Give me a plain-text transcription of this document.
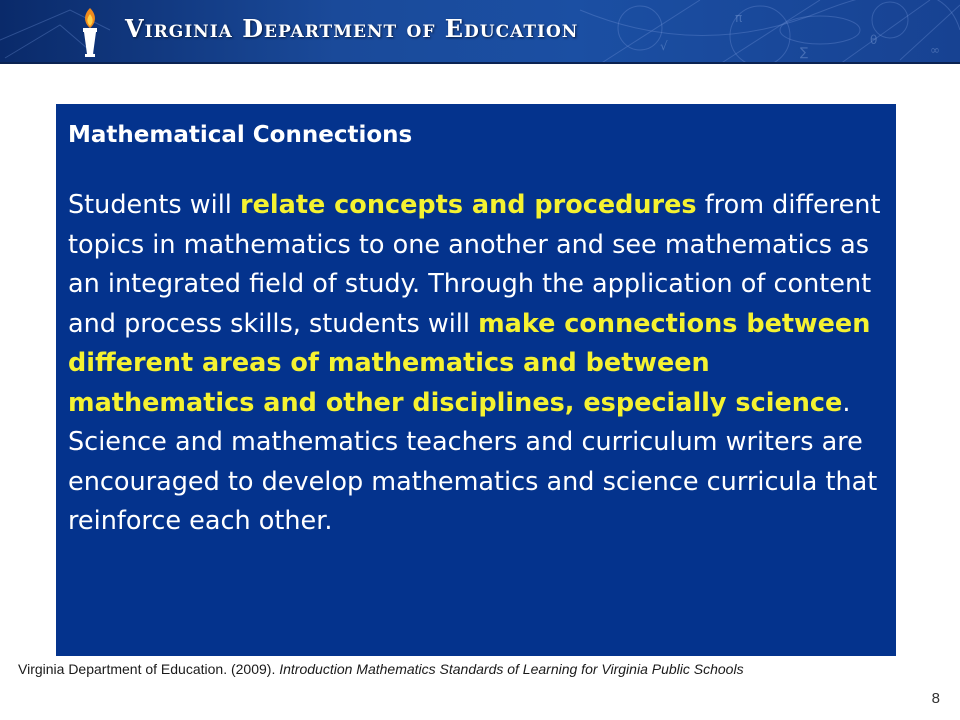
√
π
∑
θ
∞
Virginia Department of Education
Mathematical Connections
Students will relate concepts and procedures from different topics in mathematics to one another and see mathematics as an integrated field of study. Through the application of content and process skills, students will make connections between different areas of mathematics and between mathematics and other disciplines, especially science. Science and mathematics teachers and curriculum writers are encouraged to develop mathematics and science curricula that reinforce each other.
Virginia Department of Education. (2009). Introduction Mathematics Standards of Learning for Virginia Public Schools
8
